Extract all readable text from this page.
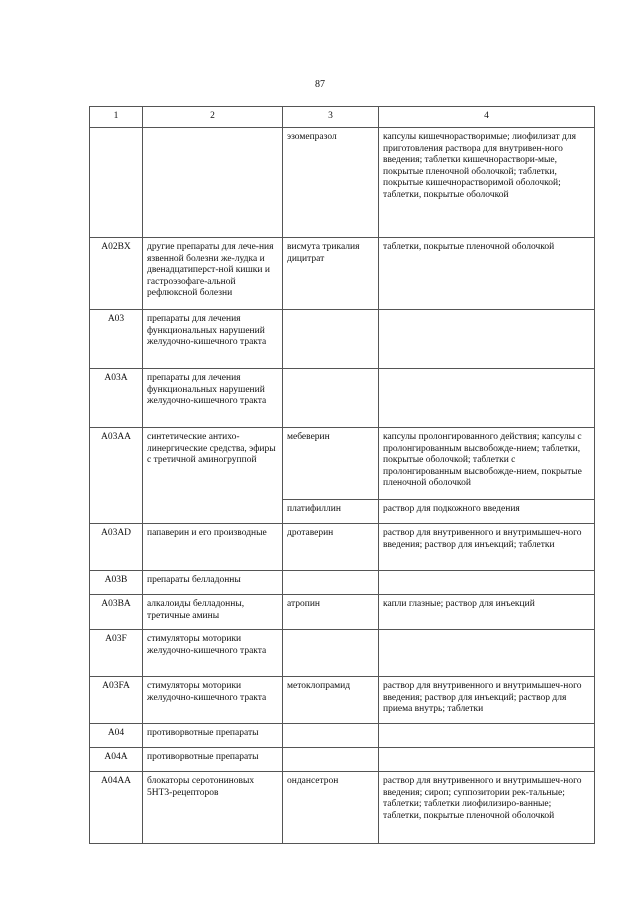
87
1	2	3	4
		эзомепразол	капсулы кишечнорастворимые; лиофилизат для приготовления раствора для внутривен-ного введения; таблетки кишечнораствори-мые, покрытые пленочной оболочкой; таблетки, покрытые кишечнорастворимой оболочкой; таблетки, покрытые оболочкой
A02BX	другие препараты для лече-ния язвенной болезни же-лудка и двенадцатиперст-ной кишки и гастроэзофаге-альной рефлюксной болезни	висмута трикалия дицитрат	таблетки, покрытые пленочной оболочкой
A03	препараты для лечения функциональных нарушений желудочно-кишечного тракта		
A03A	препараты для лечения функциональных нарушений желудочно-кишечного тракта		
A03AA	синтетические антихо-линергические средства, эфиры с третичной аминогруппой	мебеверин	капсулы пролонгированного действия; капсулы с пролонгированным высвобожде-нием; таблетки, покрытые оболочкой; таблетки с пролонгированным высвобожде-нием, покрытые пленочной оболочкой
		платифиллин	раствор для подкожного введения
A03AD	папаверин и его производные	дротаверин	раствор для внутривенного и внутримышеч-ного введения; раствор для инъекций; таблетки
A03B	препараты белладонны		
A03BA	алкалоиды белладонны, третичные амины	атропин	капли глазные; раствор для инъекций
A03F	стимуляторы моторики желудочно-кишечного тракта		
A03FA	стимуляторы моторики желудочно-кишечного тракта	метоклопрамид	раствор для внутривенного и внутримышеч-ного введения; раствор для инъекций; раствор для приема внутрь; таблетки
A04	противорвотные препараты		
A04A	противорвотные препараты		
A04AA	блокаторы серотониновых 5HT3-рецепторов	ондансетрон	раствор для внутривенного и внутримышеч-ного введения; сироп; суппозитории рек-тальные; таблетки; таблетки лиофилизиро-ванные; таблетки, покрытые пленочной оболочкой
